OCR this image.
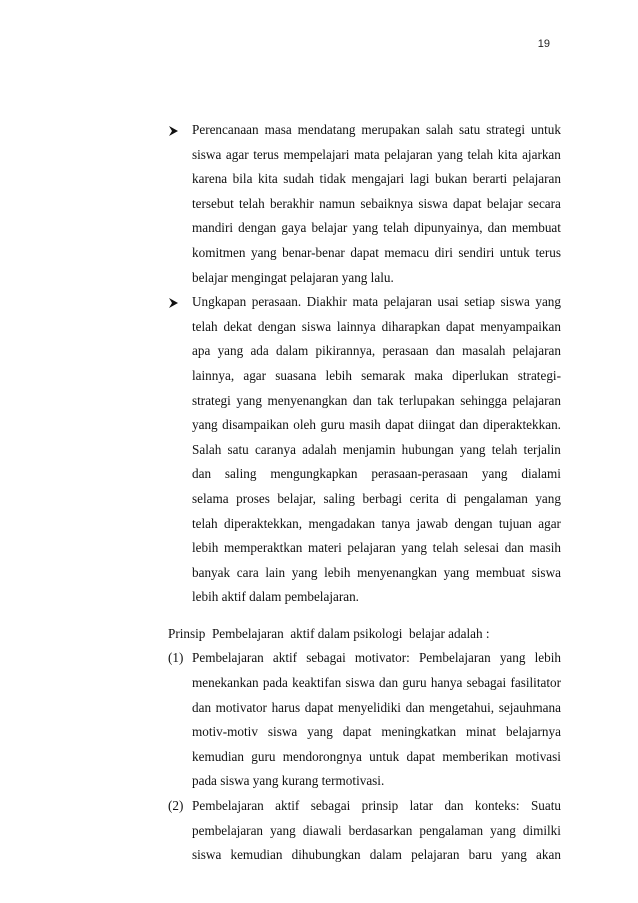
19
Perencanaan masa mendatang merupakan salah satu strategi untuk
siswa agar terus mempelajari mata pelajaran yang telah kita ajarkan
karena bila kita sudah tidak mengajari lagi bukan berarti pelajaran
tersebut telah berakhir namun sebaiknya siswa dapat belajar secara
mandiri dengan gaya belajar yang telah dipunyainya, dan membuat
komitmen yang benar-benar dapat memacu diri sendiri untuk terus
belajar mengingat pelajaran yang lalu.
Ungkapan perasaan. Diakhir mata pelajaran usai setiap siswa yang
telah dekat dengan siswa lainnya diharapkan dapat menyampaikan
apa yang ada dalam pikirannya, perasaan dan masalah pelajaran
lainnya, agar suasana lebih semarak maka diperlukan strategi-
strategi yang menyenangkan dan tak terlupakan sehingga pelajaran
yang disampaikan oleh guru masih dapat diingat dan diperaktekkan.
Salah satu caranya adalah menjamin hubungan yang telah terjalin
dan saling mengungkapkan perasaan-perasaan yang dialami
selama proses belajar, saling berbagi cerita di pengalaman yang
telah diperaktekkan, mengadakan tanya jawab dengan tujuan agar
lebih memperaktkan materi pelajaran yang telah selesai dan masih
banyak cara lain yang lebih menyenangkan yang membuat siswa
lebih aktif dalam pembelajaran.
Prinsip  Pembelajaran  aktif dalam psikologi  belajar adalah :
(1) Pembelajaran aktif sebagai motivator: Pembelajaran yang lebih
menekankan pada keaktifan siswa dan guru hanya sebagai fasilitator
dan motivator harus dapat menyelidiki dan mengetahui, sejauhmana
motiv-motiv siswa yang dapat meningkatkan minat belajarnya
kemudian guru mendorongnya untuk dapat memberikan motivasi
pada siswa yang kurang termotivasi.
(2) Pembelajaran aktif sebagai prinsip latar dan konteks: Suatu
pembelajaran yang diawali berdasarkan pengalaman yang dimilki
siswa kemudian dihubungkan dalam pelajaran baru yang akan
